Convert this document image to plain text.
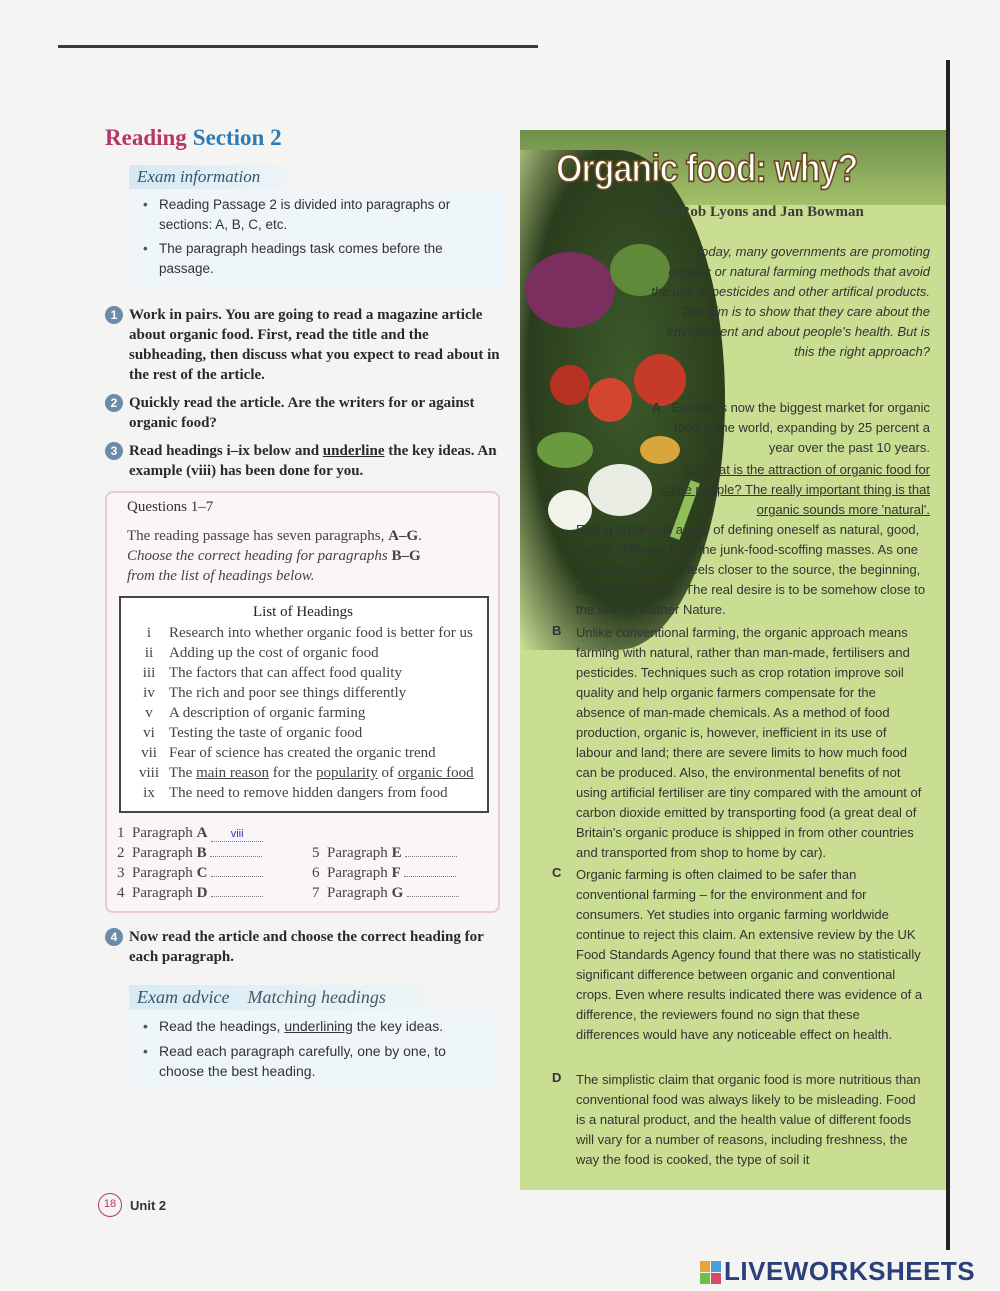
Reading Section 2
Exam information
• Reading Passage 2 is divided into paragraphs or sections: A, B, C, etc.
• The paragraph headings task comes before the passage.
1 Work in pairs. You are going to read a magazine article about organic food. First, read the title and the subheading, then discuss what you expect to read about in the rest of the article.
2 Quickly read the article. Are the writers for or against organic food?
3 Read headings i–ix below and underline the key ideas. An example (viii) has been done for you.
Questions 1–7
The reading passage has seven paragraphs, A–G.
Choose the correct heading for paragraphs B–G
from the list of headings below.
List of Headings
i	Research into whether organic food is better for us
ii	Adding up the cost of organic food
iii The factors that can affect food quality
iv The rich and poor see things differently
v	A description of organic farming
vi Testing the taste of organic food
vii Fear of science has created the organic trend
viii The main reason for the popularity of organic food
ix The need to remove hidden dangers from food
1 Paragraph A viii
2 Paragraph B	5 Paragraph E
3 Paragraph C	6 Paragraph F
4 Paragraph D	7 Paragraph G
4 Now read the article and choose the correct heading for each paragraph.
Exam advice Matching headings
• Read the headings, underlining the key ideas.
• Read each paragraph carefully, one by one, to choose the best heading.
18	Unit 2
Organic food: why?
by Rob Lyons and Jan Bowman
Today, many governments are promoting organic or natural farming methods that avoid the use of pesticides and other artifical products. The aim is to show that they care about the environment and about people's health. But is this the right approach?
A Europe is now the biggest market for organic food in the world, expanding by 25 percent a year over the past 10 years.
So what is the attraction of organic food for some people? The really important thing is that organic sounds more 'natural'.
Eating organic is a way of defining oneself as natural, good, caring, different from the junk-food-scoffing masses. As one journalist puts it: 'It feels closer to the source, the beginning, the start of things.' The real desire is to be somehow close to the soil, to Mother Nature.
B Unlike conventional farming, the organic approach means farming with natural, rather than man-made, fertilisers and pesticides. Techniques such as crop rotation improve soil quality and help organic farmers compensate for the absence of man-made chemicals. As a method of food production, organic is, however, inefficient in its use of labour and land; there are severe limits to how much food can be produced. Also, the environmental benefits of not using artificial fertiliser are tiny compared with the amount of carbon dioxide emitted by transporting food (a great deal of Britain's organic produce is shipped in from other countries and transported from shop to home by car).
C Organic farming is often claimed to be safer than conventional farming – for the environment and for consumers. Yet studies into organic farming worldwide continue to reject this claim. An extensive review by the UK Food Standards Agency found that there was no statistically significant difference between organic and conventional crops. Even where results indicated there was evidence of a difference, the reviewers found no sign that these differences would have any noticeable effect on health.
D The simplistic claim that organic food is more nutritious than conventional food was always likely to be misleading. Food is a natural product, and the health value of different foods will vary for a number of reasons, including freshness, the way the food is cooked, the type of soil it
LIVEWORKSHEETS
